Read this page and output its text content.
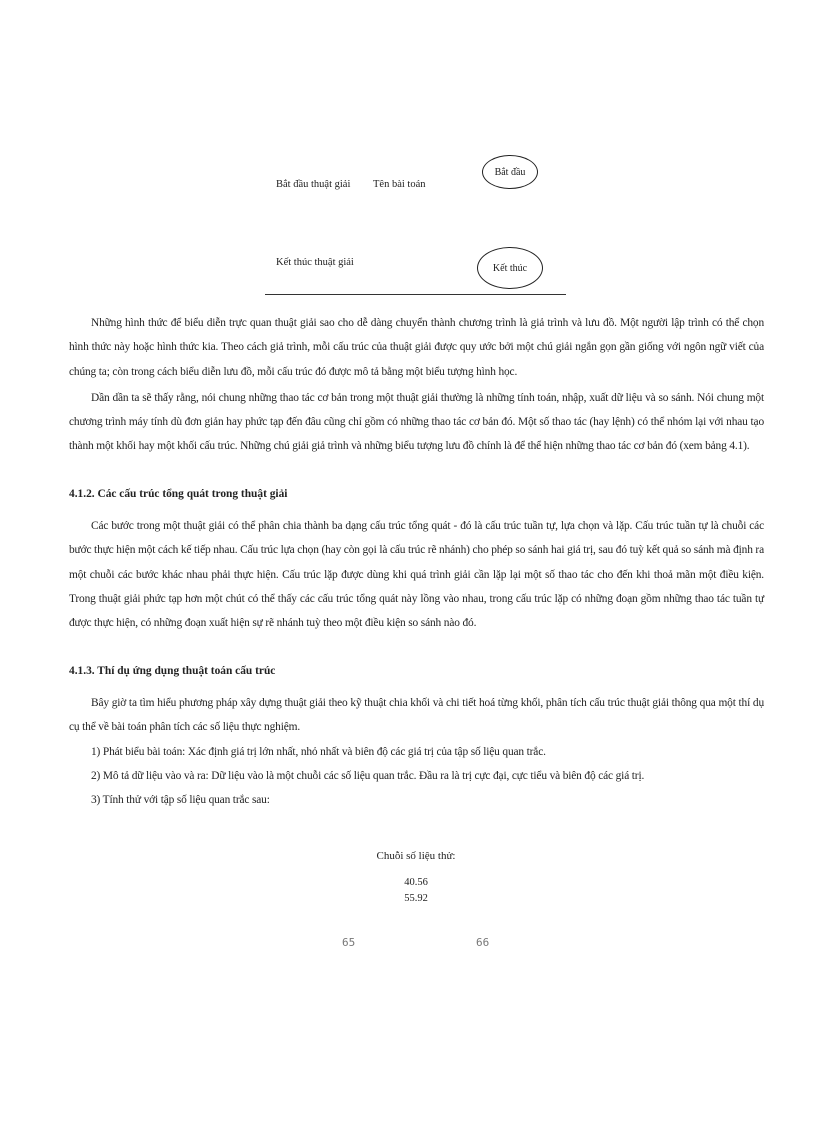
Bắt đầu thuật giải Tên bài toán
Bắt đầu
Kết thúc thuật giải	Kết thúc

Những hình thức để biểu diễn trực quan thuật giải sao cho dễ dàng chuyển thành chương trình là giả trình và lưu đồ. Một người lập trình có thể chọn hình thức này hoặc hình thức kia. Theo cách giả trình, mỗi cấu trúc của thuật giải được quy ước bởi một chú giải ngắn gọn gần giống với ngôn ngữ viết của chúng ta; còn trong cách biểu diễn lưu đồ, mỗi cấu trúc đó được mô tả bằng một biểu tượng hình học.

Dần dần ta sẽ thấy rằng, nói chung những thao tác cơ bản trong một thuật giải thường là những tính toán, nhập, xuất dữ liệu và so sánh. Nói chung một chương trình máy tính dù đơn giản hay phức tạp đến đâu cũng chỉ gồm có những thao tác cơ bản đó. Một số thao tác (hay lệnh) có thể nhóm lại với nhau tạo thành một khối hay một khối cấu trúc. Những chú giải giả trình và những biểu tượng lưu đồ chính là để thể hiện những thao tác cơ bản đó (xem bảng 4.1).

4.1.2. Các cấu trúc tổng quát trong thuật giải

Các bước trong một thuật giải có thể phân chia thành ba dạng cấu trúc tổng quát - đó là cấu trúc tuần tự, lựa chọn và lặp. Cấu trúc tuần tự là chuỗi các bước thực hiện một cách kế tiếp nhau. Cấu trúc lựa chọn (hay còn gọi là cấu trúc rẽ nhánh) cho phép so sánh hai giá trị, sau đó tuỳ kết quả so sánh mà định ra một chuỗi các bước khác nhau phải thực hiện. Cấu trúc lặp được dùng khi quá trình giải cần lặp lại một số thao tác cho đến khi thoả mãn một điều kiện. Trong thuật giải phức tạp hơn một chút có thể thấy các cấu trúc tổng quát này lồng vào nhau, trong cấu trúc lặp có những đoạn gồm những thao tác tuần tự được thực hiện, có những đoạn xuất hiện sự rẽ nhánh tuỳ theo một điều kiện so sánh nào đó.

4.1.3. Thí dụ ứng dụng thuật toán cấu trúc

Bây giờ ta tìm hiểu phương pháp xây dựng thuật giải theo kỹ thuật chia khối và chi tiết hoá từng khối, phân tích cấu trúc thuật giải thông qua một thí dụ cụ thể về bài toán phân tích các số liệu thực nghiệm.

1) Phát biểu bài toán: Xác định giá trị lớn nhất, nhỏ nhất và biên độ các giá trị của tập số liệu quan trắc.

2) Mô tả dữ liệu vào và ra: Dữ liệu vào là một chuỗi các số liệu quan trắc. Đầu ra là trị cực đại, cực tiểu và biên độ các giá trị.

3) Tính thử với tập số liệu quan trắc sau:

Chuỗi số liệu thử:
40.56
55.92
65	66
